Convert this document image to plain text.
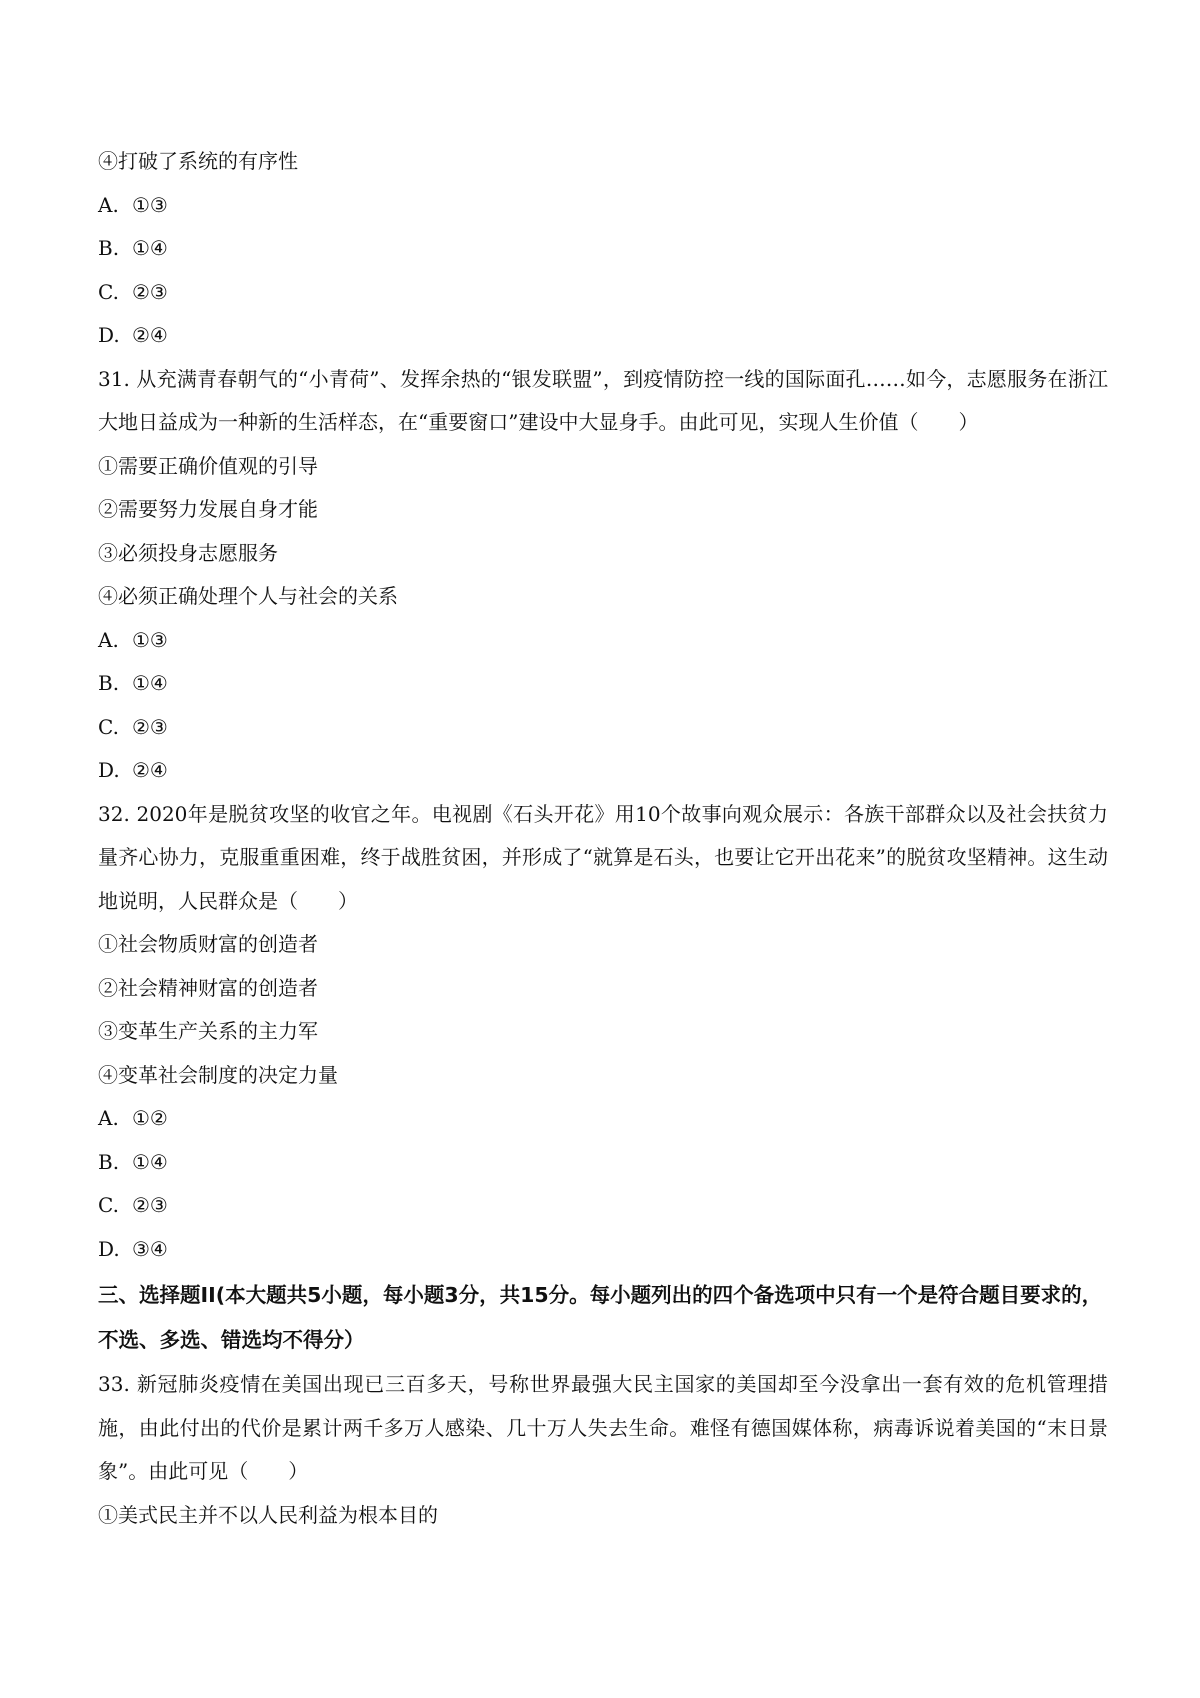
④打破了系统的有序性
A. ①③
B. ①④
C. ②③
D. ②④
31. 从充满青春朝气的“小青荷”、发挥余热的“银发联盟”，到疫情防控一线的国际面孔……如今，志愿服务在浙江大地日益成为一种新的生活样态，在“重要窗口”建设中大显身手。由此可见，实现人生价值（　　）
①需要正确价值观的引导
②需要努力发展自身才能
③必须投身志愿服务
④必须正确处理个人与社会的关系
A. ①③
B. ①④
C. ②③
D. ②④
32. 2020年是脱贫攻坚的收官之年。电视剧《石头开花》用10个故事向观众展示：各族干部群众以及社会扶贫力量齐心协力，克服重重困难，终于战胜贫困，并形成了“就算是石头，也要让它开出花来”的脱贫攻坚精神。这生动地说明，人民群众是（　　）
①社会物质财富的创造者
②社会精神财富的创造者
③变革生产关系的主力军
④变革社会制度的决定力量
A. ①②
B. ①④
C. ②③
D. ③④
三、选择题II(本大题共5小题，每小题3分，共15分。每小题列出的四个备选项中只有一个是符合题目要求的，不选、多选、错选均不得分）
33. 新冠肺炎疫情在美国出现已三百多天，号称世界最强大民主国家的美国却至今没拿出一套有效的危机管理措施，由此付出的代价是累计两千多万人感染、几十万人失去生命。难怪有德国媒体称，病毒诉说着美国的“末日景象”。由此可见（　　）
①美式民主并不以人民利益为根本目的
